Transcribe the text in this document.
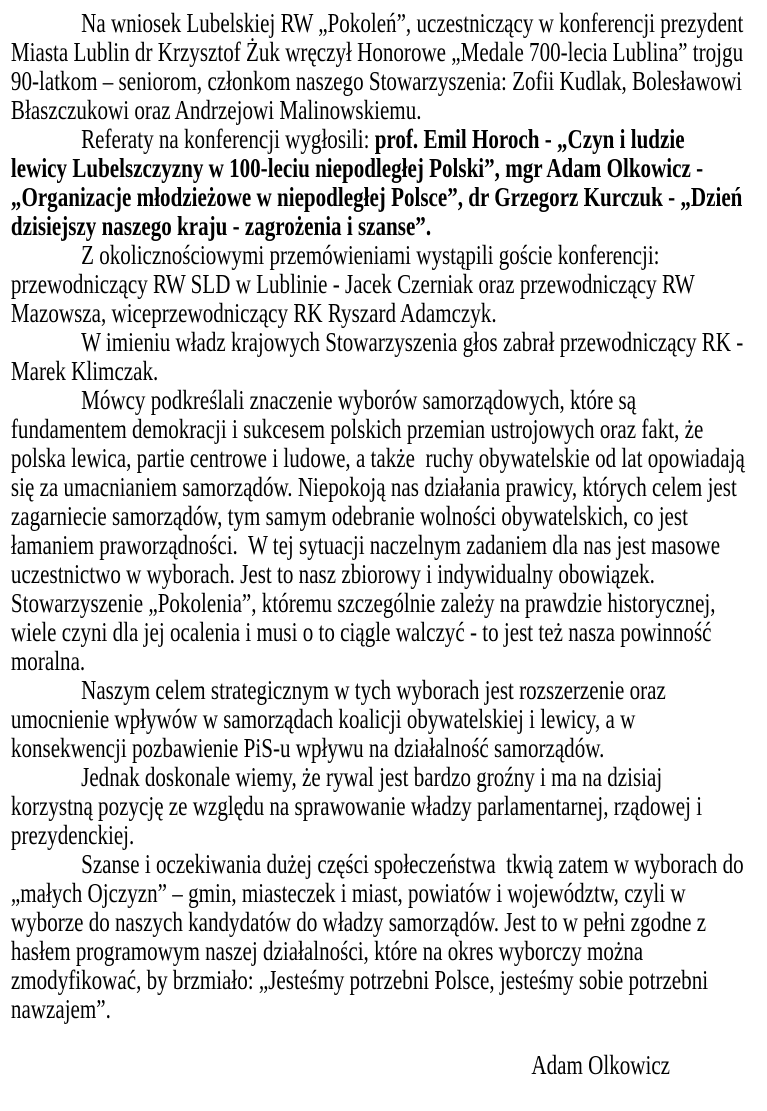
Na wniosek Lubelskiej RW „Pokoleń”, uczestniczący w konferencji prezydent Miasta Lublin dr Krzysztof Żuk wręczył Honorowe „Medale 700-lecia Lublina” trojgu 90-latkom – seniorom, członkom naszego Stowarzyszenia: Zofii Kudlak, Bolesławowi Błaszczukowi oraz Andrzejowi Malinowskiemu.

Referaty na konferencji wygłosili: prof. Emil Horoch - „Czyn i ludzie lewicy Lubelszczyzny w 100-leciu niepodległej Polski”, mgr Adam Olkowicz - „Organizacje młodzieżowe w niepodległej Polsce”, dr Grzegorz Kurczuk - „Dzień dzisiejszy naszego kraju - zagrożenia i szanse”.

Z okolicznościowymi przemówieniami wystąpili goście konferencji: przewodniczący RW SLD w Lublinie - Jacek Czerniak oraz przewodniczący RW Mazowsza, wiceprzewodniczący RK Ryszard Adamczyk.

W imieniu władz krajowych Stowarzyszenia głos zabrał przewodniczący RK - Marek Klimczak.

Mówcy podkreślali znaczenie wyborów samorządowych, które są fundamentem demokracji i sukcesem polskich przemian ustrojowych oraz fakt, że polska lewica, partie centrowe i ludowe, a także  ruchy obywatelskie od lat opowiadają  się za umacnianiem samorządów. Niepokoją nas działania prawicy, których celem jest zagarniecie samorządów, tym samym odebranie wolności obywatelskich, co jest łamaniem praworządności.  W tej sytuacji naczelnym zadaniem dla nas jest masowe uczestnictwo w wyborach. Jest to nasz zbiorowy i indywidualny obowiązek. Stowarzyszenie „Pokolenia”, któremu szczególnie zależy na prawdzie historycznej, wiele czyni dla jej ocalenia i musi o to ciągle walczyć - to jest też nasza powinność moralna.

Naszym celem strategicznym w tych wyborach jest rozszerzenie oraz umocnienie wpływów w samorządach koalicji obywatelskiej i lewicy, a w konsekwencji pozbawienie PiS-u wpływu na działalność samorządów.

Jednak doskonale wiemy, że rywal jest bardzo groźny i ma na dzisiaj korzystną pozycję ze względu na sprawowanie władzy parlamentarnej, rządowej i prezydenckiej.

Szanse i oczekiwania dużej części społeczeństwa  tkwią zatem w wyborach do „małych Ojczyzn” – gmin, miasteczek i miast, powiatów i województw, czyli w wyborze do naszych kandydatów do władzy samorządów. Jest to w pełni zgodne z hasłem programowym naszej działalności, które na okres wyborczy można zmodyfikować, by brzmiało: „Jesteśmy potrzebni Polsce, jesteśmy sobie potrzebni nawzajem”.

Adam Olkowicz
